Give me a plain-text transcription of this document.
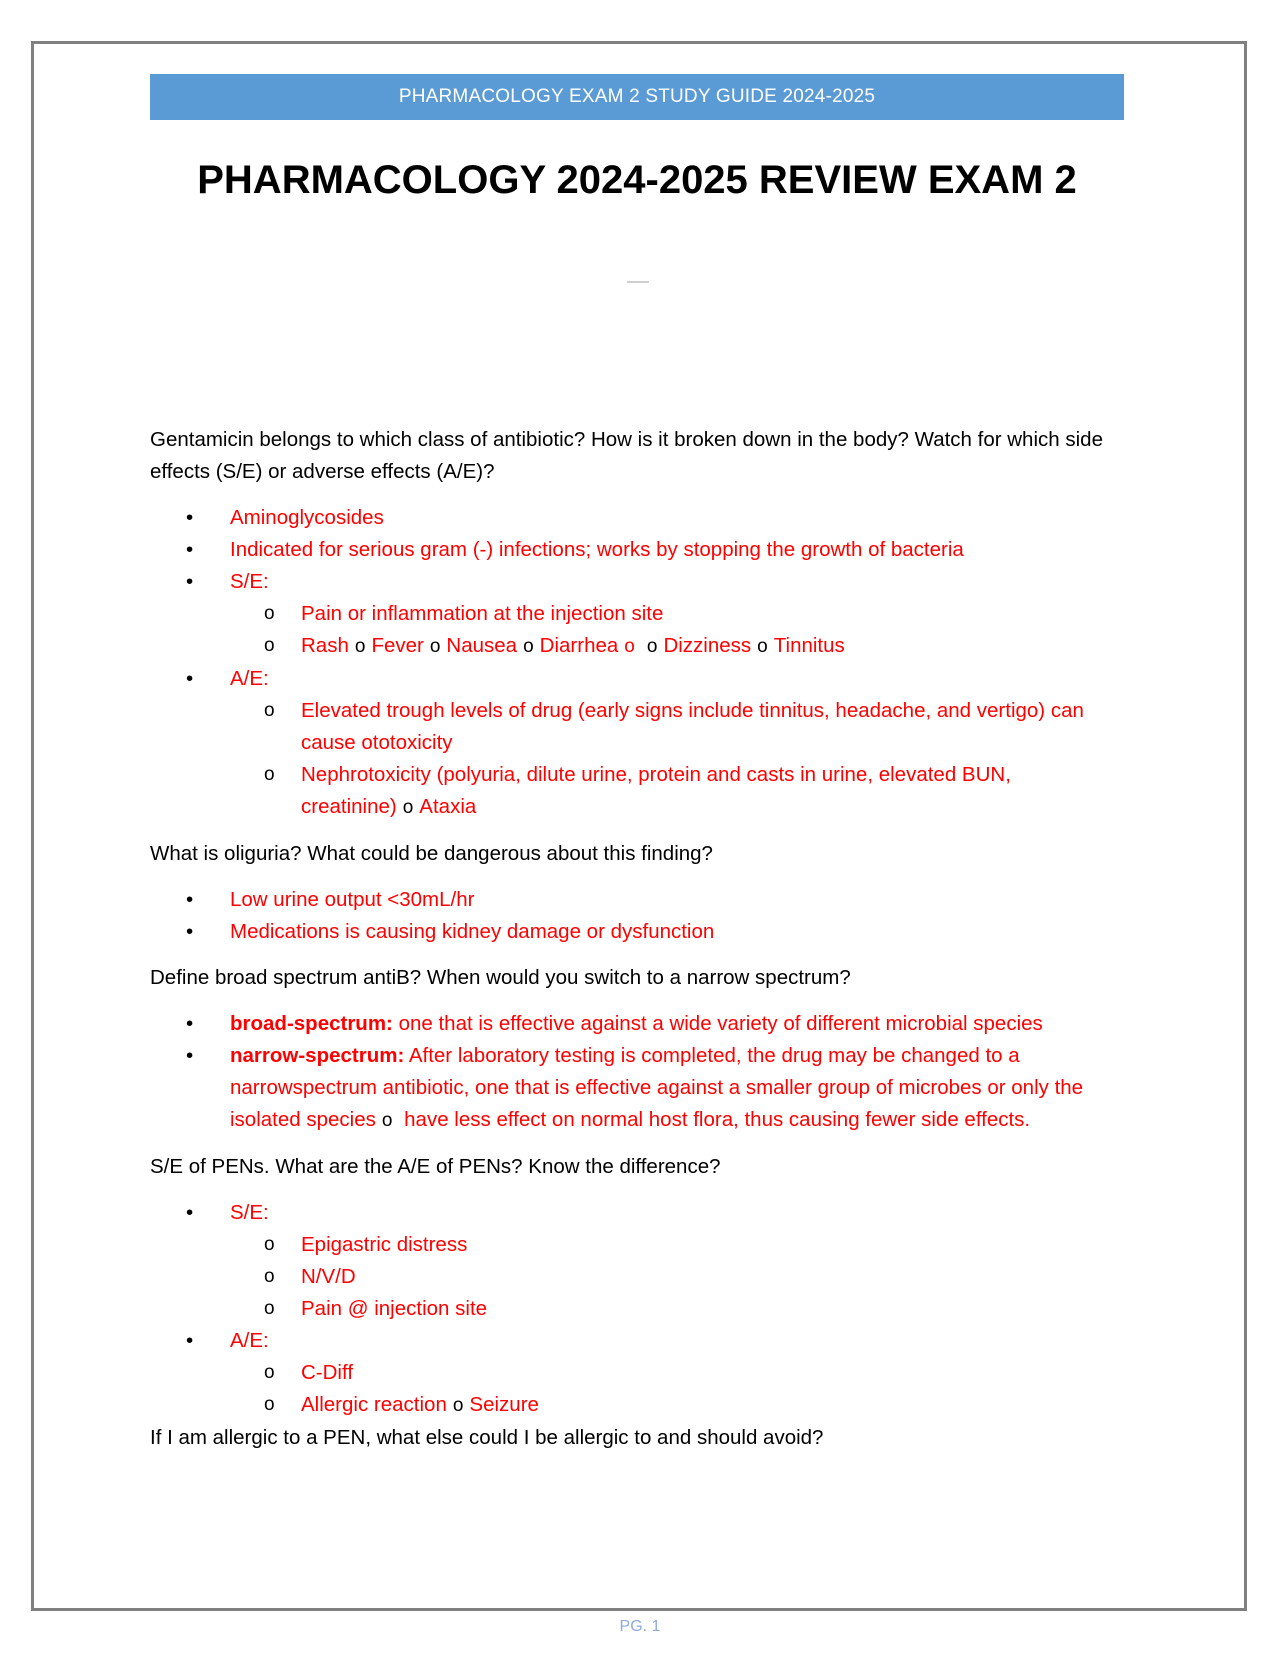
PHARMACOLOGY EXAM 2 STUDY GUIDE 2024-2025
PHARMACOLOGY 2024-2025 REVIEW EXAM 2

Gentamicin belongs to which class of antibiotic? How is it broken down in the body? Watch for which side effects (S/E) or adverse effects (A/E)?

• Aminoglycosides
• Indicated for serious gram (-) infections; works by stopping the growth of bacteria
• S/E:
o Pain or inflammation at the injection site
o Rash o Fever o Nausea o Diarrhea o o Dizziness o Tinnitus
• A/E:
o Elevated trough levels of drug (early signs include tinnitus, headache, and vertigo) can cause ototoxicity
o Nephrotoxicity (polyuria, dilute urine, protein and casts in urine, elevated BUN, creatinine) o Ataxia

What is oliguria? What could be dangerous about this finding?

• Low urine output <30mL/hr
• Medications is causing kidney damage or dysfunction

Define broad spectrum antiB? When would you switch to a narrow spectrum?

• broad-spectrum: one that is effective against a wide variety of different microbial species
• narrow-spectrum: After laboratory testing is completed, the drug may be changed to a narrowspectrum antibiotic, one that is effective against a smaller group of microbes or only the isolated species o have less effect on normal host flora, thus causing fewer side effects.

S/E of PENs. What are the A/E of PENs? Know the difference?

• S/E:
o Epigastric distress
o N/V/D
o Pain @ injection site
• A/E:
o C-Diff
o Allergic reaction o Seizure

If I am allergic to a PEN, what else could I be allergic to and should avoid?

PG. 1
